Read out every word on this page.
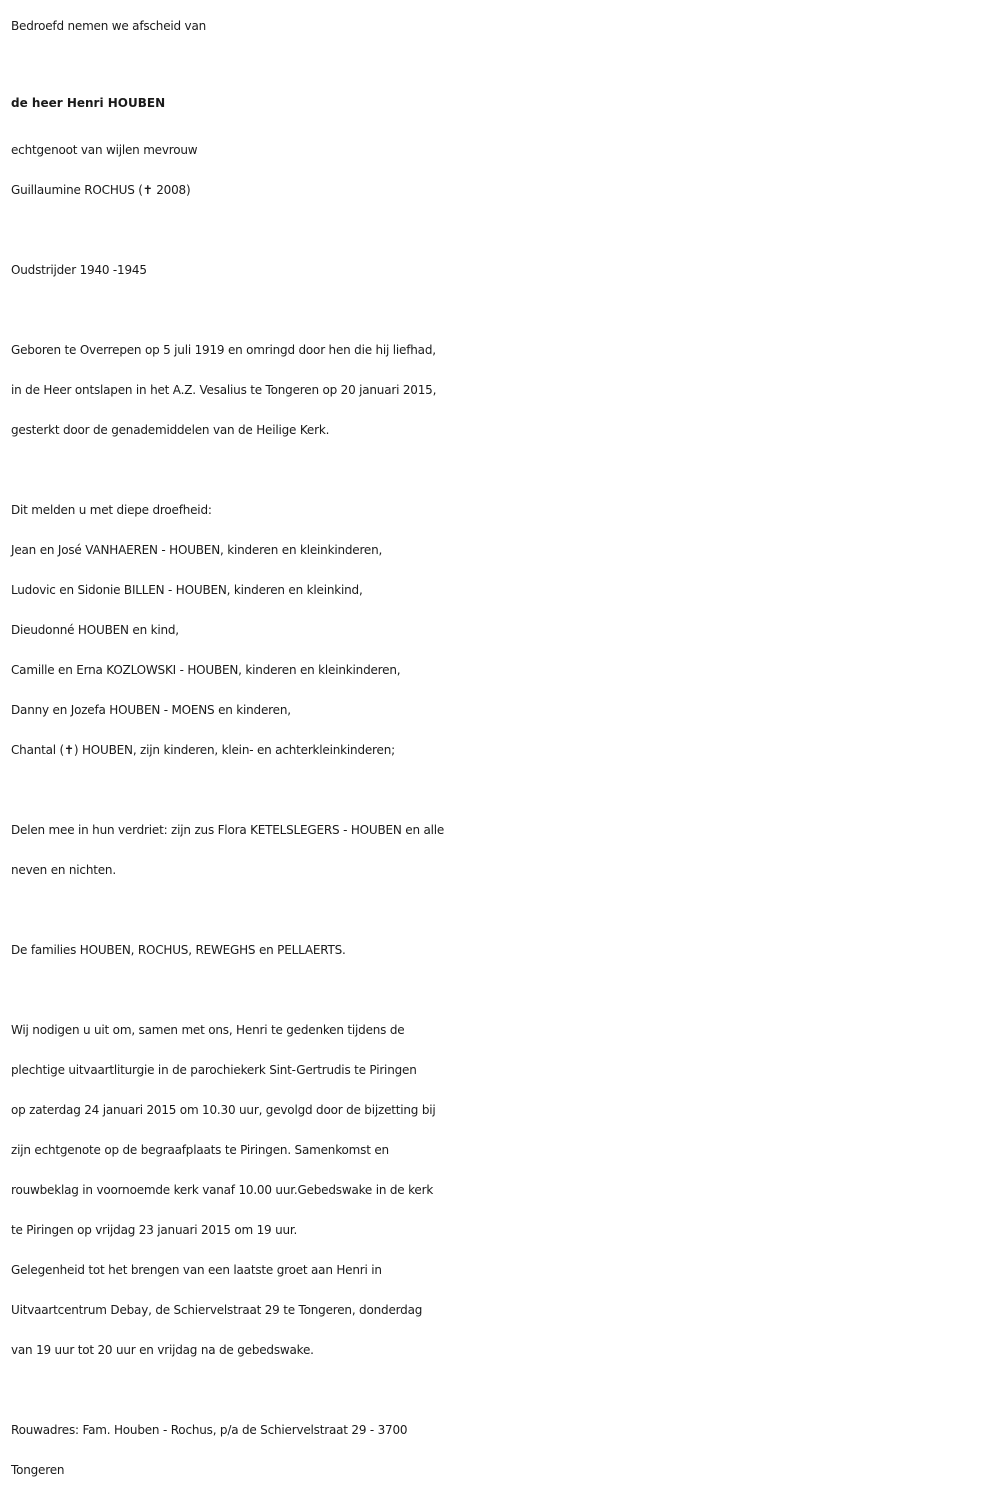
Bedroefd nemen we afscheid van
de heer Henri HOUBEN
echtgenoot van wijlen mevrouw
Guillaumine ROCHUS (✝ 2008)
Oudstrijder 1940 -1945
Geboren te Overrepen op 5 juli 1919 en omringd door hen die hij liefhad,
in de Heer ontslapen in het A.Z. Vesalius te Tongeren op 20 januari 2015,
gesterkt door de genademiddelen van de Heilige Kerk.
Dit melden u met diepe droefheid:
Jean en José VANHAEREN - HOUBEN, kinderen en kleinkinderen,
Ludovic en Sidonie BILLEN - HOUBEN, kinderen en kleinkind,
Dieudonné HOUBEN en kind,
Camille en Erna KOZLOWSKI - HOUBEN, kinderen en kleinkinderen,
Danny en Jozefa HOUBEN - MOENS en kinderen,
Chantal (✝) HOUBEN, zijn kinderen, klein- en achterkleinkinderen;
Delen mee in hun verdriet: zijn zus Flora KETELSLEGERS - HOUBEN en alle
neven en nichten.
De families HOUBEN, ROCHUS, REWEGHS en PELLAERTS.
Wij nodigen u uit om, samen met ons, Henri te gedenken tijdens de
plechtige uitvaartliturgie in de parochiekerk Sint-Gertrudis te Piringen
op zaterdag 24 januari 2015 om 10.30 uur, gevolgd door de bijzetting bij
zijn echtgenote op de begraafplaats te Piringen. Samenkomst en
rouwbeklag in voornoemde kerk vanaf 10.00 uur.Gebedswake in de kerk
te Piringen op vrijdag 23 januari 2015 om 19 uur.
Gelegenheid tot het brengen van een laatste groet aan Henri in
Uitvaartcentrum Debay, de Schiervelstraat 29 te Tongeren, donderdag
van 19 uur tot 20 uur en vrijdag na de gebedswake.
Rouwadres: Fam. Houben - Rochus, p/a de Schiervelstraat 29 - 3700
Tongeren
